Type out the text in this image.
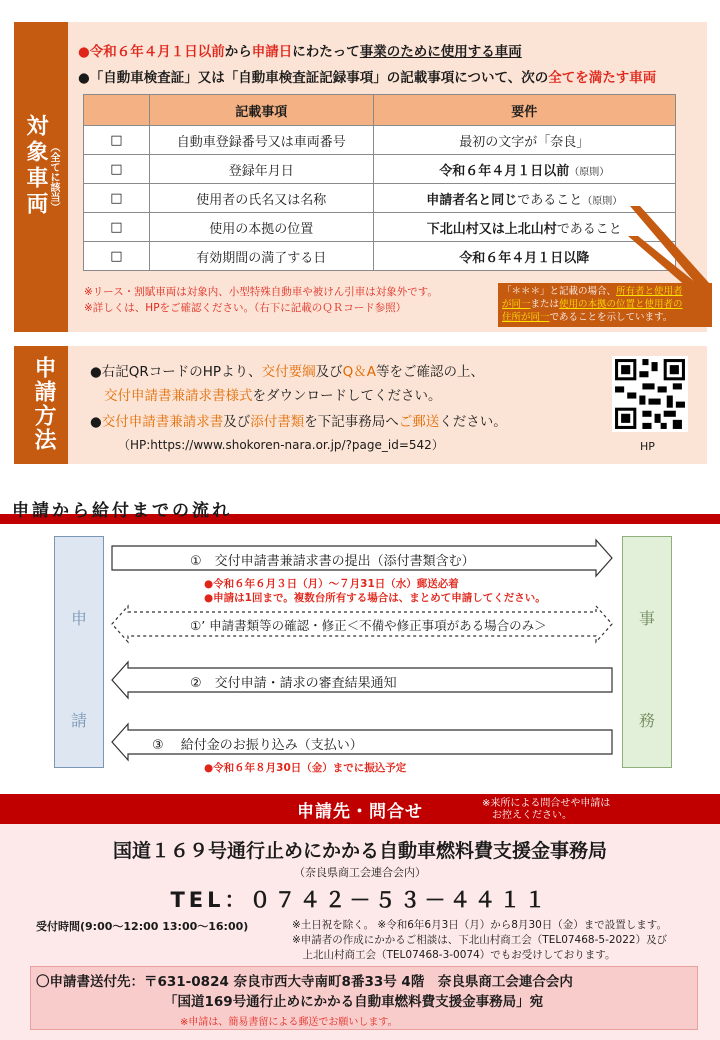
対象車両 （全てに該当）
●令和６年４月１日以前から申請日にわたって事業のために使用する車両
●「自動車検査証」又は「自動車検査証記録事項」の記載事項について、次の全てを満たす車両
	記載事項	要件
□	自動車登録番号又は車両番号	最初の文字が「奈良」
□	登録年月日	令和６年４月１日以前（原則）
□	使用者の氏名又は名称	申請者名と同じであること（原則）
□	使用の本拠の位置	下北山村又は上北山村であること
□	有効期間の満了する日	令和６年４月１日以降
※リース・割賦車両は対象内、小型特殊自動車や被けん引車は対象外です。
※詳しくは、HPをご確認ください。（右下に記載のＱＲコード参照）
「＊＊＊」と記載の場合、所有者と使用者
が同一または使用の本拠の位置と使用者の
住所が同一であることを示しています。
申請方法	●右記QRコードのHPより、交付要綱及びQ＆A等をご確認の上、
交付申請書兼請求書様式をダウンロードしてください。
●交付申請書兼請求書及び添付書類を下記事務局へご郵送ください。
（HP:https://www.shokoren-nara.or.jp/?page_id=542）	HP
申請から給付までの流れ
申
請
事
務
①　交付申請書兼請求書の提出（添付書類含む）
●令和６年６月３日（月）～７月31日（水）郵送必着
●申請は1回まで。複数台所有する場合は、まとめて申請してください。
①’ 申請書類等の確認・修正＜不備や修正事項がある場合のみ＞
②　交付申請・請求の審査結果通知
③　 給付金のお振り込み（支払い）
●令和６年８月30日（金）までに振込予定
申請先・問合せ	※来所による問合せや申請は
お控えください。
国道１６９号通行止めにかかる自動車燃料費支援金事務局
（奈良県商工会連合会内）
TEL：０７４２－５３－４４１１
受付時間(9:00～12:00 13:00～16:00)	※土日祝を除く。 ※令和6年6月3日（月）から8月30日（金）まで設置します。
※申請者の作成にかかるご相談は、下北山村商工会（TEL07468-5-2022）及び
　上北山村商工会（TEL07468-3-0074）でもお受けしております。
〇申請書送付先：〒631-0824 奈良市西大寺南町8番33号 4階　奈良県商工会連合会内
「国道169号通行止めにかかる自動車燃料費支援金事務局」宛
※申請は、簡易書留による郵送でお願いします。
